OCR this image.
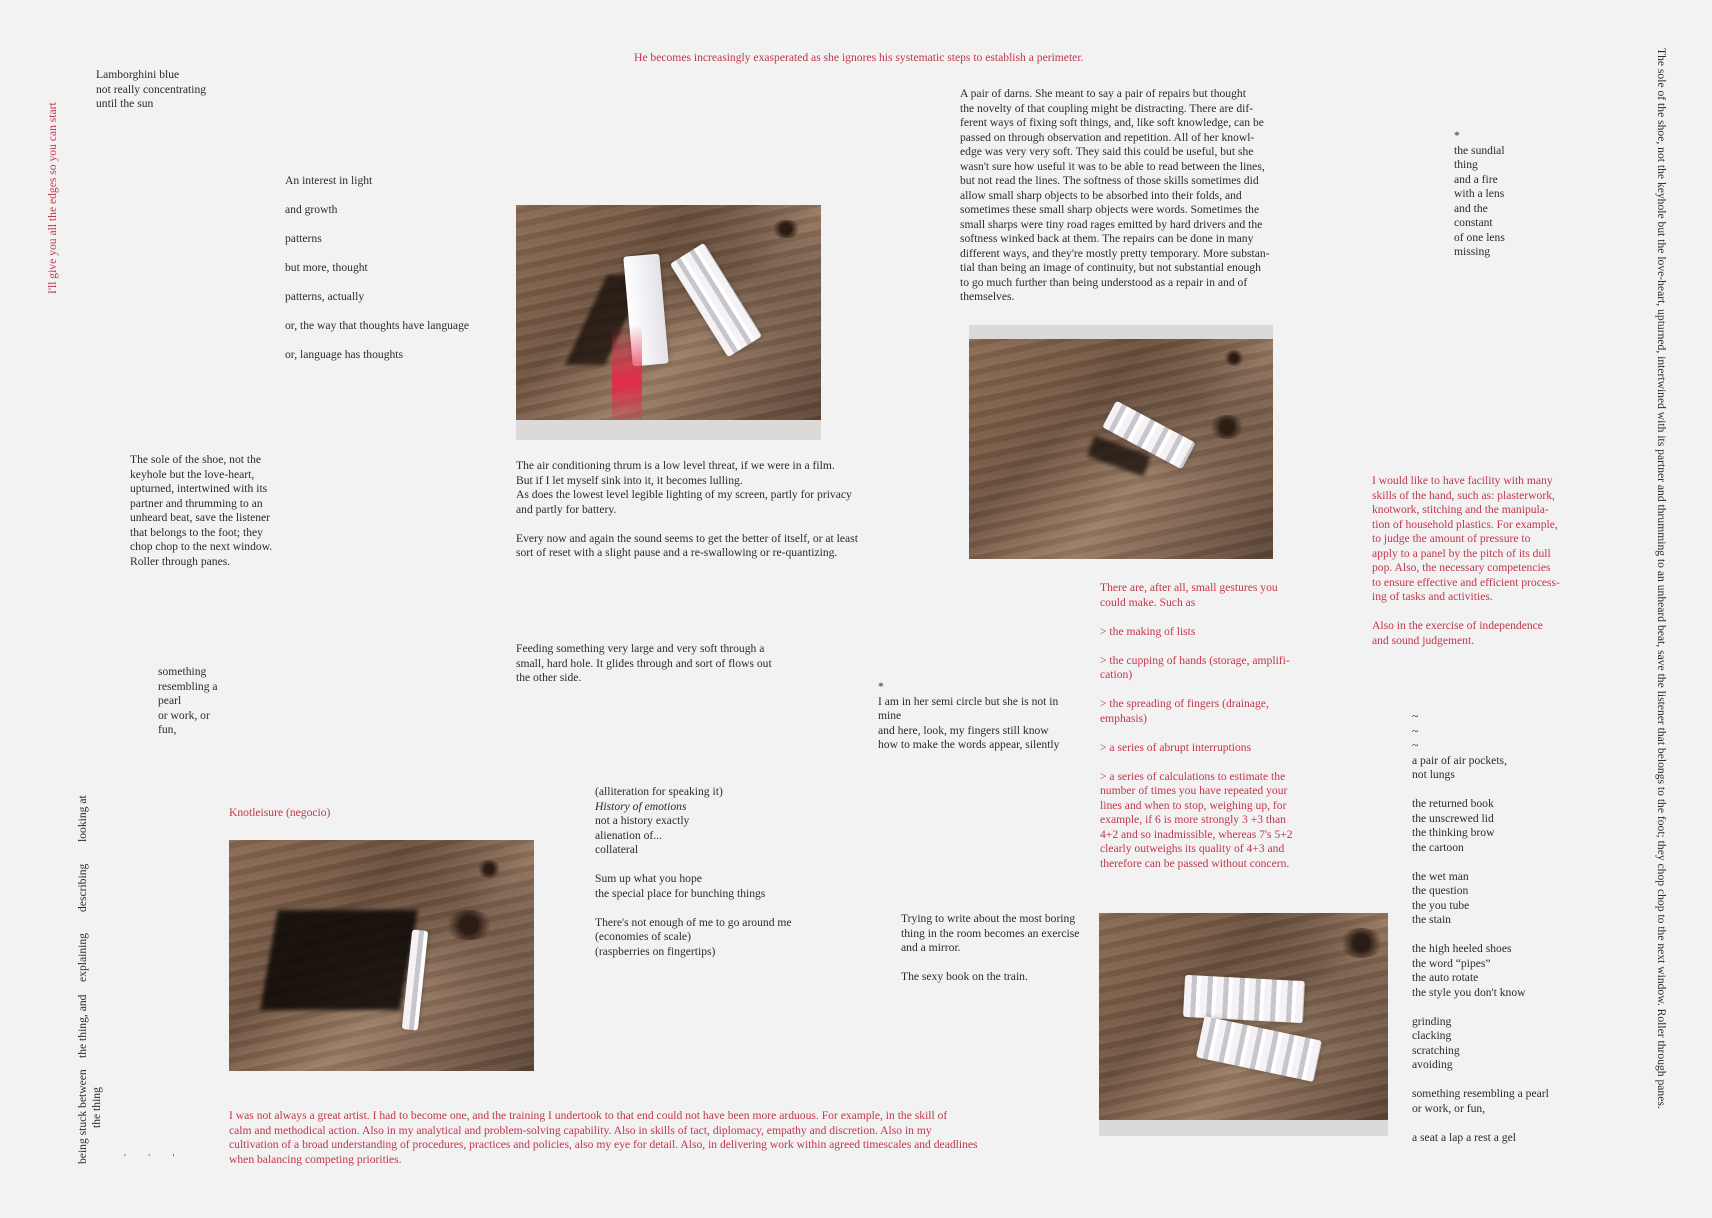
He becomes increasingly exasperated as she ignores his systematic steps to establish a perimeter.

I'll give you all the edges so you can start	The sole of the shoe, not the keyhole but the love-heart, upturned, intertwined with its partner and thrumming to an unheard beat, save the listener that belongs to the foot; they chop chop to the next window. Roller through panes.
Lamborghini blue
not really concentrating
until the sun
An interest in light
and growth
patterns
but more, thought
patterns, actually
or, the way that thoughts have language
or, language has thoughts
The sole of the shoe, not the
keyhole but the love-heart,
upturned, intertwined with its
partner and thrumming to an
unheard beat, save the listener
that belongs to the foot; they
chop chop to the next window.
Roller through panes.
The air conditioning thrum is a low level threat, if we were in a film.
But if I let myself sink into it, it becomes lulling.
As does the lowest level legible lighting of my screen, partly for privacy
and partly for battery.
Every now and again the sound seems to get the better of itself, or at least
sort of reset with a slight pause and a re-swallowing or re-quantizing.
something
resembling a
pearl
or work, or
fun,
Feeding something very large and very soft through a
small, hard hole. It glides through and sort of flows out
the other side.
A pair of darns. She meant to say a pair of repairs but thought
the novelty of that coupling might be distracting. There are dif-
ferent ways of fixing soft things, and, like soft knowledge, can be
passed on through observation and repetition. All of her knowl-
edge was very very soft. They said this could be useful, but she
wasn't sure how useful it was to be able to read between the lines,
but not read the lines. The softness of those skills sometimes did
allow small sharp objects to be absorbed into their folds, and
sometimes these small sharp objects were words. Sometimes the
small sharps were tiny road rages emitted by hard drivers and the
softness winked back at them. The repairs can be done in many
different ways, and they're mostly pretty temporary. More substan-
tial than being an image of continuity, but not substantial enough
to go much further than being understood as a repair in and of
themselves.
*
the sundial
thing
and a fire
with a lens
and the
constant
of one lens
missing
I would like to have facility with many
skills of the hand, such as: plasterwork,
knotwork, stitching and the manipula-
tion of household plastics. For example,
to judge the amount of pressure to
apply to a panel by the pitch of its dull
pop. Also, the necessary competencies
to ensure effective and efficient process-
ing of tasks and activities.
Also in the exercise of independence
and sound judgement.
There are, after all, small gestures you
could make. Such as
> the making of lists
> the cupping of hands (storage, amplifi-
cation)
> the spreading of fingers (drainage,
emphasis)
> a series of abrupt interruptions
> a series of calculations to estimate the
number of times you have repeated your
lines and when to stop, weighing up, for
example, if 6 is more strongly 3 +3 than
4+2 and so inadmissible, whereas 7's 5+2
clearly outweighs its quality of 4+3 and
therefore can be passed without concern.
*
I am in her semi circle but she is not in
mine
and here, look, my fingers still know
how to make the words appear, silently
looking at
describing
explaining
the thing, and
being stuck between the thing

Knotleisure (negocio)

(alliteration for speaking it)
History of emotions
not a history exactly
alienation of...
collateral
Sum up what you hope
the special place for bunching things
There's not enough of me to go around me
(economies of scale)
(raspberries on fingertips)
Trying to write about the most boring
thing in the room becomes an exercise
and a mirror.
The sexy book on the train.
~
~
~
a pair of air pockets,
not lungs
the returned book
the unscrewed lid
the thinking brow
the cartoon
the wet man
the question
the you tube
the stain
the high heeled shoes
the word “pipes”
the auto rotate
the style you don't know
grinding
clacking
scratching
avoiding
something resembling a pearl
or work, or fun,
a seat a lap a rest a gel
I was not always a great artist. I had to become one, and the training I undertook to that end could not have been more arduous. For example, in the skill of
calm and methodical action. Also in my analytical and problem-solving capability. Also in skills of tact, diplomacy, empathy and discretion. Also in my
cultivation of a broad understanding of procedures, practices and policies, also my eye for detail. Also, in delivering work within agreed timescales and deadlines
when balancing competing priorities.
' ' '
